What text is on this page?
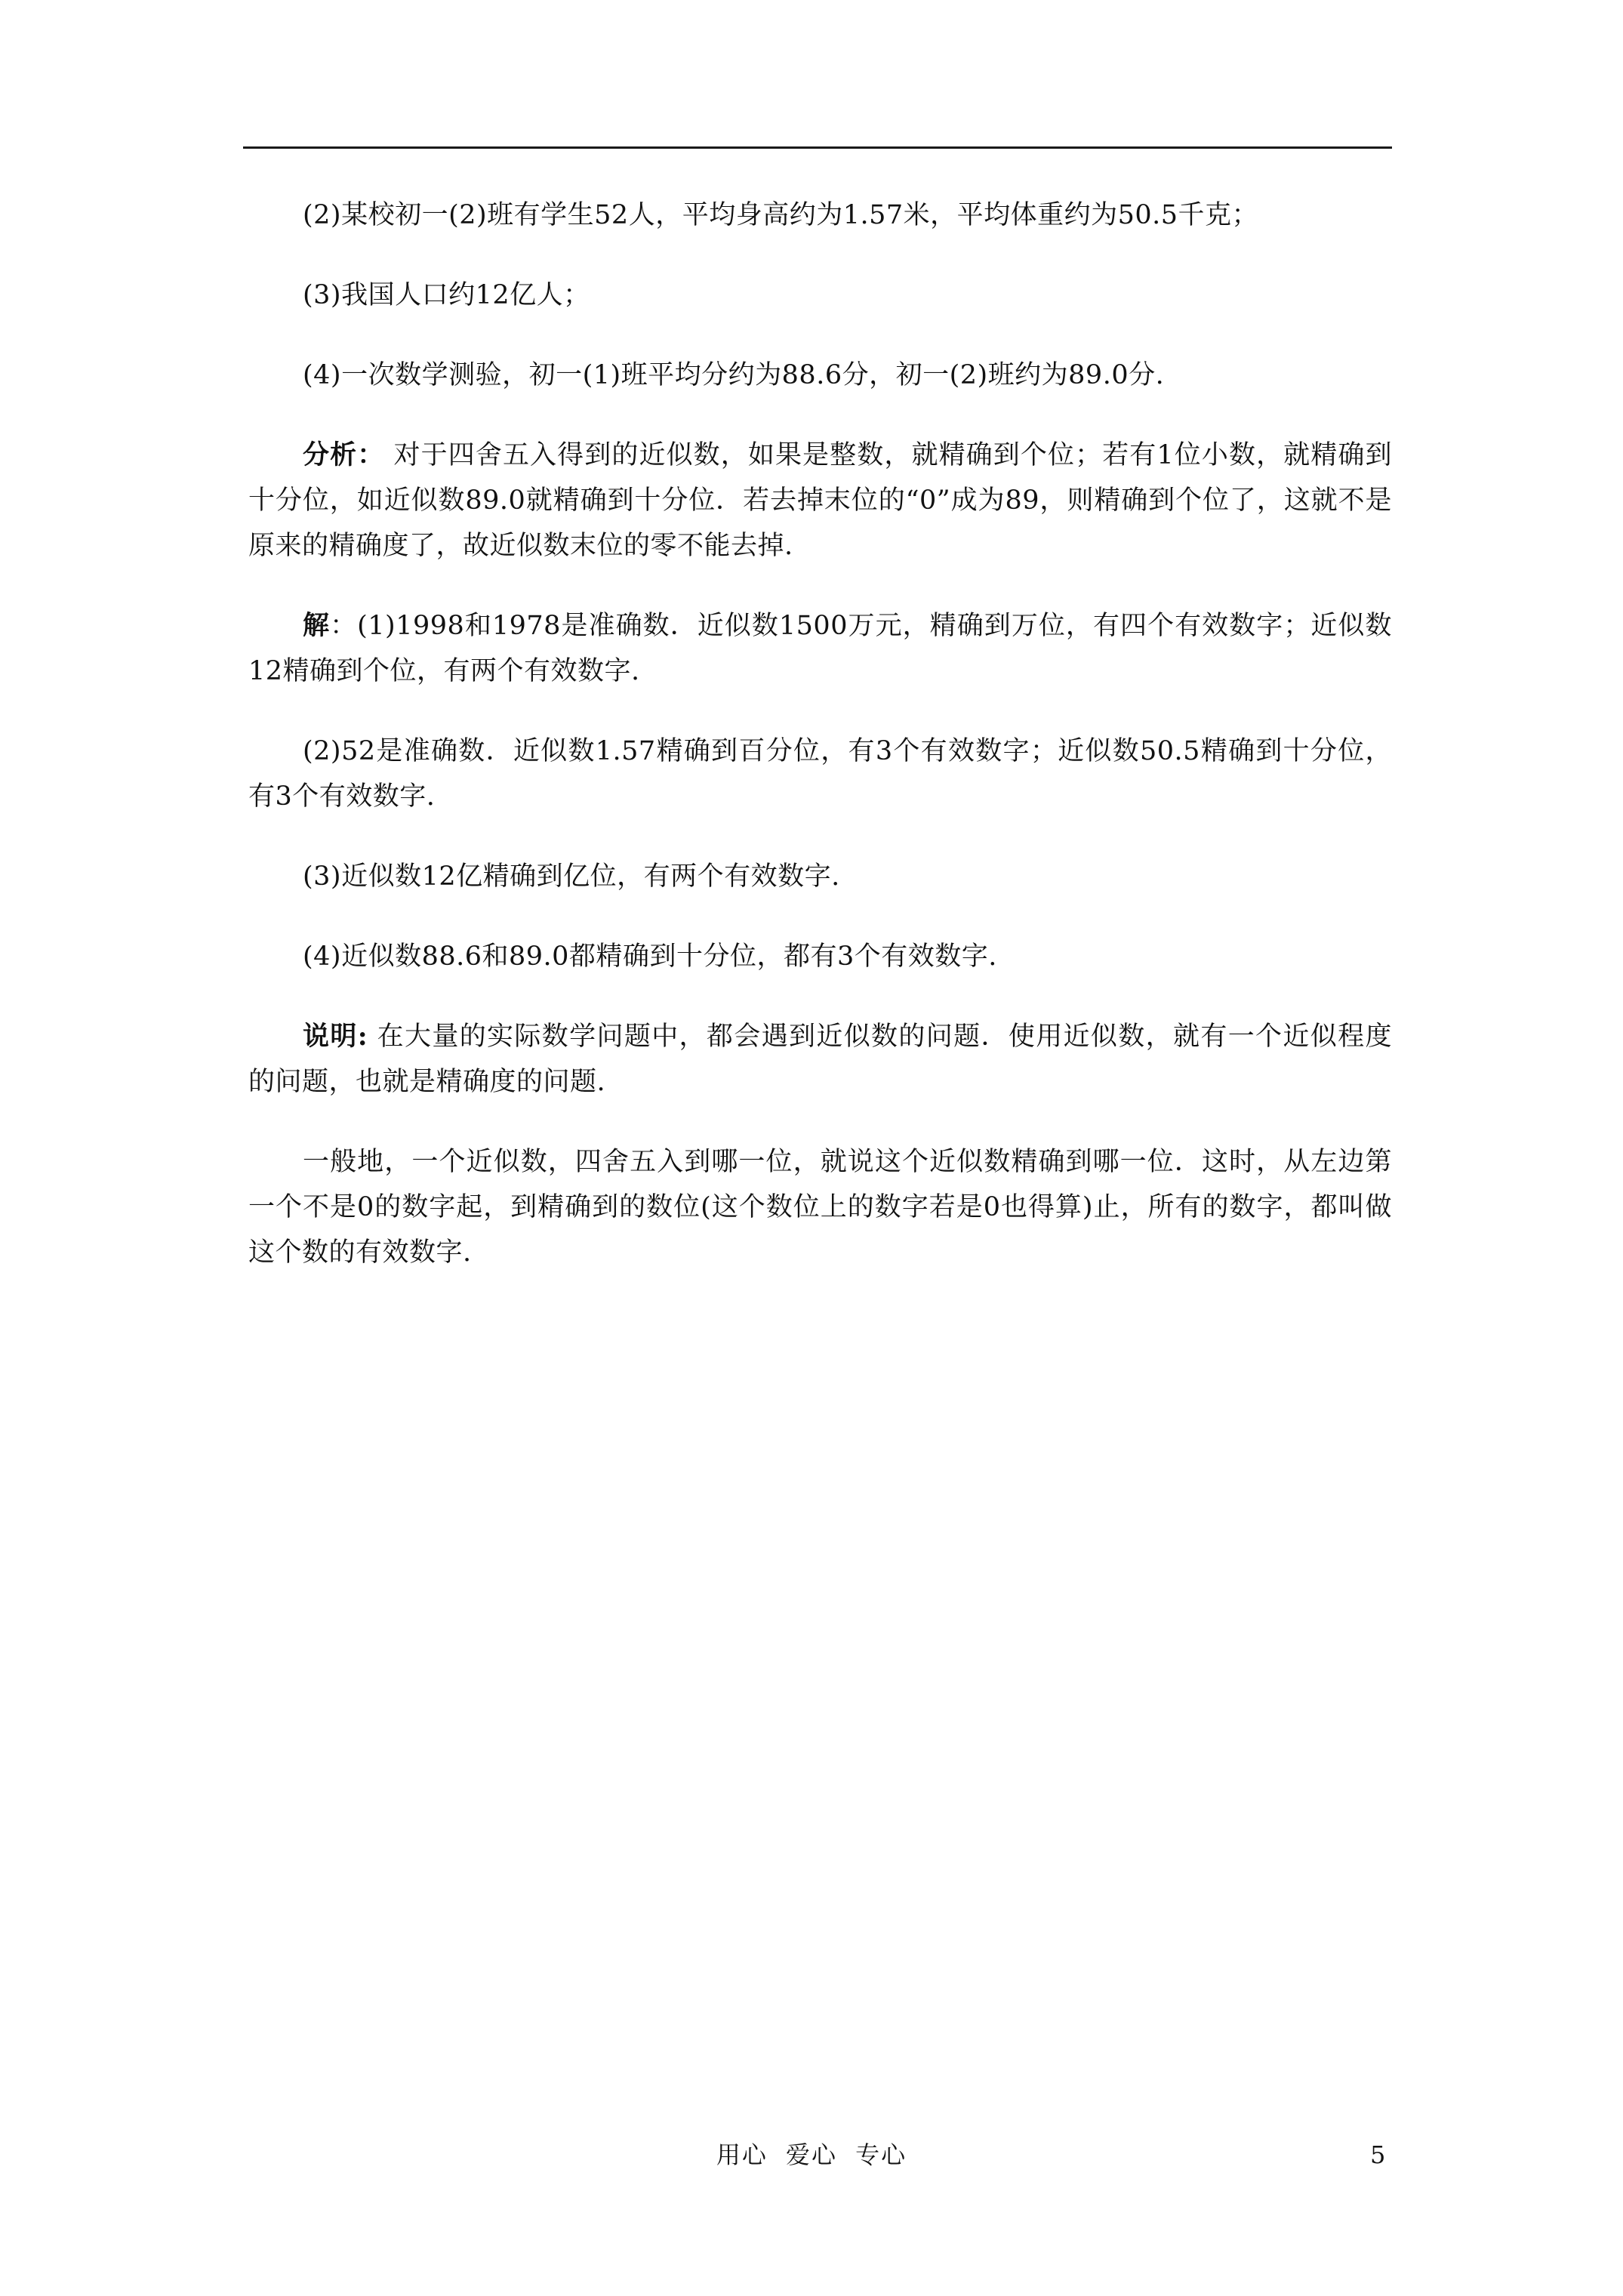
(2)某校初一(2)班有学生52人，平均身高约为1.57米，平均体重约为50.5千克；

(3)我国人口约12亿人；

(4)一次数学测验，初一(1)班平均分约为88.6分，初一(2)班约为89.0分.

分析： 对于四舍五入得到的近似数，如果是整数，就精确到个位；若有1位小数，就精确到十分位，如近似数89.0就精确到十分位．若去掉末位的“0”成为89，则精确到个位了，这就不是原来的精确度了，故近似数末位的零不能去掉.

解：(1)1998和1978是准确数．近似数1500万元，精确到万位，有四个有效数字；近似数12精确到个位，有两个有效数字.

(2)52是准确数．近似数1.57精确到百分位，有3个有效数字；近似数50.5精确到十分位，有3个有效数字.

(3)近似数12亿精确到亿位，有两个有效数字.

(4)近似数88.6和89.0都精确到十分位，都有3个有效数字.

说明: 在大量的实际数学问题中，都会遇到近似数的问题．使用近似数，就有一个近似程度的问题，也就是精确度的问题.

一般地，一个近似数，四舍五入到哪一位，就说这个近似数精确到哪一位．这时，从左边第一个不是0的数字起，到精确到的数位(这个数位上的数字若是0也得算)止，所有的数字，都叫做这个数的有效数字.

用心 爱心 专心	5
